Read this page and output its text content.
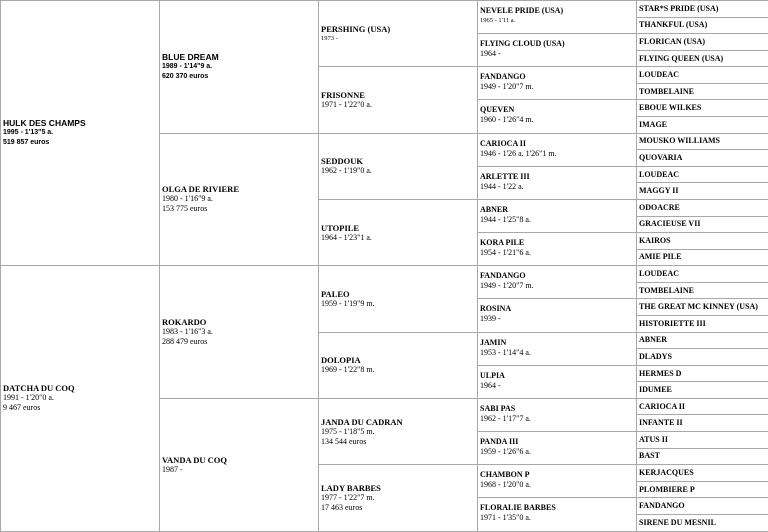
HULK DES CHAMPS
1995 - 1'13"5 a.
519 857 euros	BLUE DREAM
1989 - 1'14"9 a.
620 370 euros	PERSHING (USA)
1973 -	NEVELE PRIDE (USA)
1965 - 1'11 a.	STAR*S PRIDE (USA)

				THANKFUL (USA)

			FLYING CLOUD (USA)
1964 -	FLORICAN (USA)

				FLYING QUEEN (USA)

		FRISONNE
1971 - 1'22"0 a.	FANDANGO
1949 - 1'20"7 m.	LOUDEAC

				TOMBELAINE

			QUEVEN
1960 - 1'26"4 m.	EBOUE WILKES

				IMAGE

	OLGA DE RIVIERE
1980 - 1'16"9 a.
153 775 euros	SEDDOUK
1962 - 1'19"0 a.	CARIOCA II
1946 - 1'26 a. 1'26"1 m.	MOUSKO WILLIAMS

				QUOVARIA

			ARLETTE III
1944 - 1'22 a.	LOUDEAC

				MAGGY II

		UTOPILE
1964 - 1'23"1 a.	ABNER
1944 - 1'25"8 a.	ODOACRE

				GRACIEUSE VII

			KORA PILE
1954 - 1'21"6 a.	KAIROS

				AMIE PILE

DATCHA DU COQ
1991 - 1'20"0 a.
9 467 euros	ROKARDO
1983 - 1'16"3 a.
288 479 euros	PALEO
1959 - 1'19"9 m.	FANDANGO
1949 - 1'20"7 m.	LOUDEAC

				TOMBELAINE

			ROSINA
1939 -	THE GREAT MC KINNEY (USA)

				HISTORIETTE III

		DOLOPIA
1969 - 1'22"8 m.	JAMIN
1953 - 1'14"4 a.	ABNER

				DLADYS

			ULPIA
1964 -	HERMES D

				IDUMEE

	VANDA DU COQ
1987 -	JANDA DU CADRAN
1975 - 1'18"5 m.
134 544 euros	SABI PAS
1962 - 1'17"7 a.	CARIOCA II

				INFANTE II

			PANDA III
1959 - 1'26"6 a.	ATUS II

				BAST

		LADY BARBES
1977 - 1'22"7 m.
17 463 euros	CHAMBON P
1968 - 1'20"0 a.	KERJACQUES

				PLOMBIERE P

			FLORALIE BARBES
1971 - 1'35"0 a.	FANDANGO

				SIRENE DU MESNIL
